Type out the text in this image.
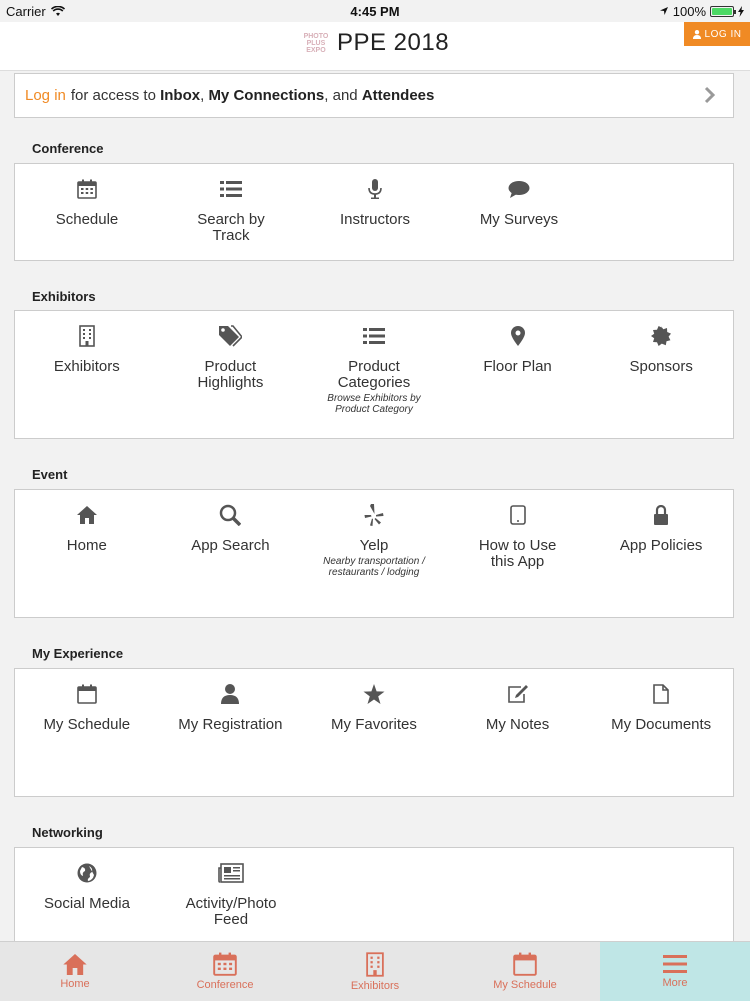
Carrier	4:45 PM	100%
PHOTO PLUS EXPO PPE 2018	LOG IN
Log in for access to
Inbox , My Connections , and
Attendees
Conference
Schedule	Search by Track
Instructors	My Surveys
Exhibitors
Exhibitors	Product Highlights
Product Categories
Browse Exhibitors by Product Category
Floor Plan	Sponsors
Event
Home	App Search	Yelp
Nearby transportation / restaurants / lodging
How to Use this App
App Policies
My Experience
My Schedule	My Registration	My Favorites	My Notes	My Documents
Networking
Social Media	Activity/Photo Feed
Home	Conference	Exhibitors	My Schedule	More
